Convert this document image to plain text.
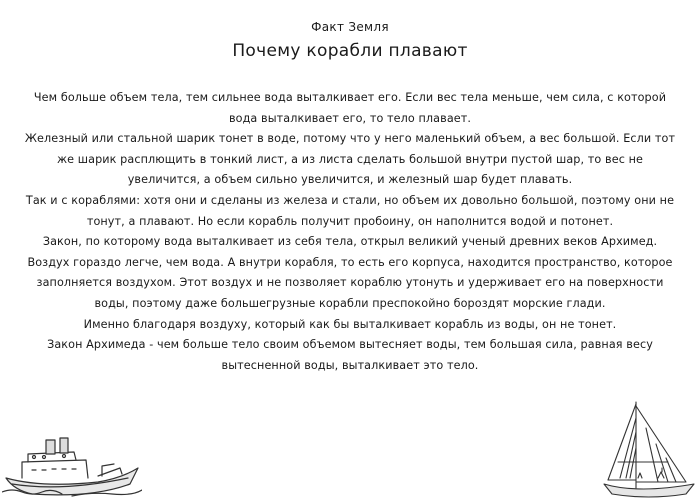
Факт Земля
Почему корабли плавают

Чем больше объем тела, тем сильнее вода выталкивает его. Если вес тела меньше, чем сила, с которой вода выталкивает его, то тело плавает.

Железный или стальной шарик тонет в воде, потому что у него маленький объем, а вес большой. Если тот же шарик расплющить в тонкий лист, а из листа сделать большой внутри пустой шар, то вес не увеличится, а объем сильно увеличится, и железный шар будет плавать.

Так и с кораблями: хотя они и сделаны из железа и стали, но объем их довольно большой, поэтому они не тонут, а плавают. Но если корабль получит пробоину, он наполнится водой и потонет.

Закон, по которому вода выталкивает из себя тела, открыл великий ученый древних веков Архимед. Воздух гораздо легче, чем вода. А внутри корабля, то есть его корпуса, находится пространство, которое заполняется воздухом. Этот воздух и не позволяет кораблю утонуть и удерживает его на поверхности воды, поэтому даже большегрузные корабли преспокойно бороздят морские глади.

Именно благодаря воздуху, который как бы выталкивает корабль из воды, он не тонет.

Закон Архимеда - чем больше тело своим объемом вытесняет воды, тем большая сила, равная весу вытесненной воды, выталкивает это тело.
